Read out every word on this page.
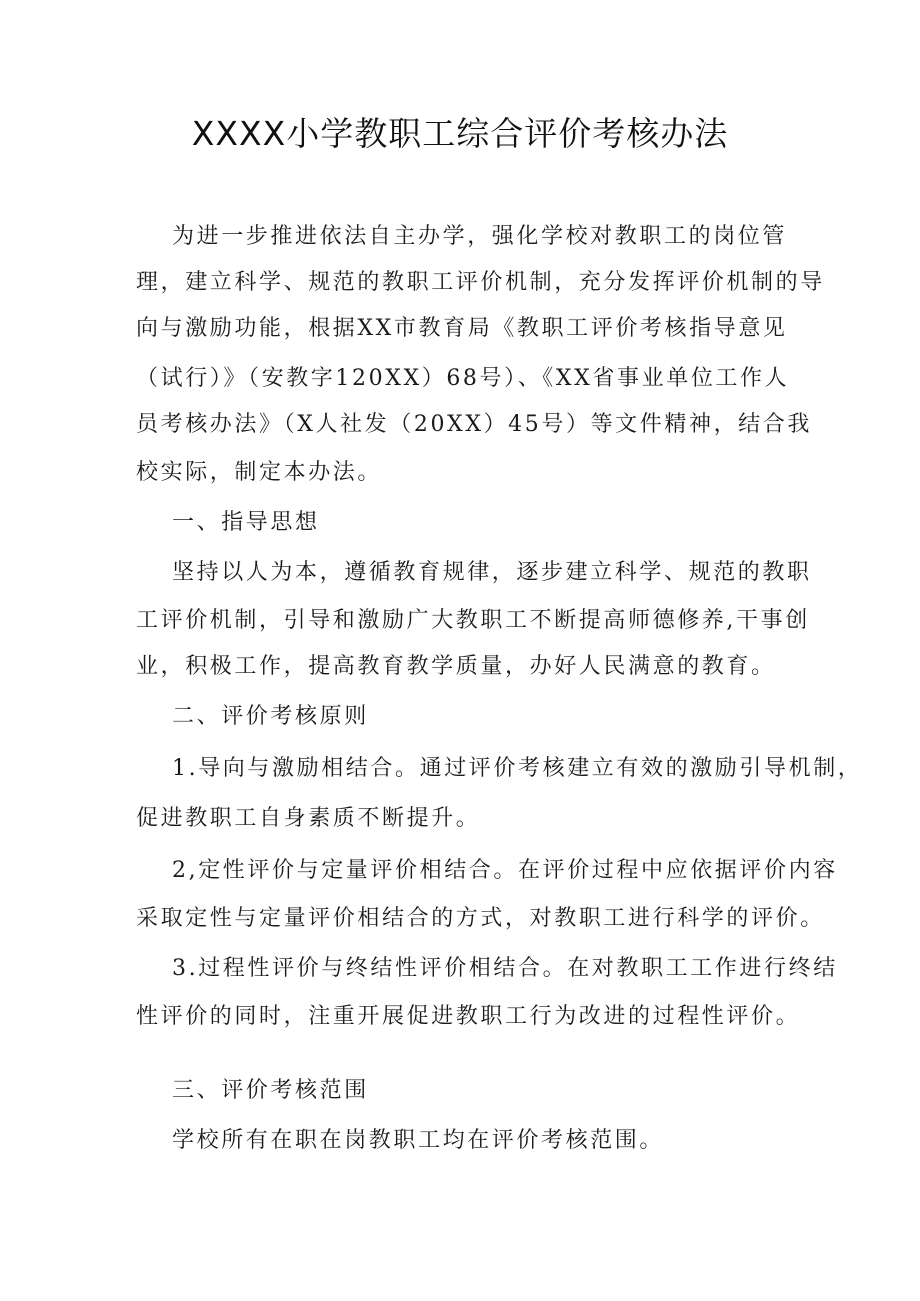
XXXX小学教职工综合评价考核办法
为进一步推进依法自主办学，强化学校对教职工的岗位管
理，建立科学、规范的教职工评价机制，充分发挥评价机制的导
向与激励功能，根据XX市教育局《教职工评价考核指导意见
（试行）》（安教字120XX）68号）、《XX省事业单位工作人
员考核办法》（X人社发（20XX）45号）等文件精神，结合我
校实际，制定本办法。
一、指导思想
坚持以人为本，遵循教育规律，逐步建立科学、规范的教职
工评价机制，引导和激励广大教职工不断提高师德修养,干事创
业，积极工作，提高教育教学质量，办好人民满意的教育。
二、评价考核原则
1.导向与激励相结合。通过评价考核建立有效的激励引导机制，
促进教职工自身素质不断提升。
2,定性评价与定量评价相结合。在评价过程中应依据评价内容
采取定性与定量评价相结合的方式，对教职工进行科学的评价。
3.过程性评价与终结性评价相结合。在对教职工工作进行终结
性评价的同时，注重开展促进教职工行为改进的过程性评价。
三、评价考核范围
学校所有在职在岗教职工均在评价考核范围。
